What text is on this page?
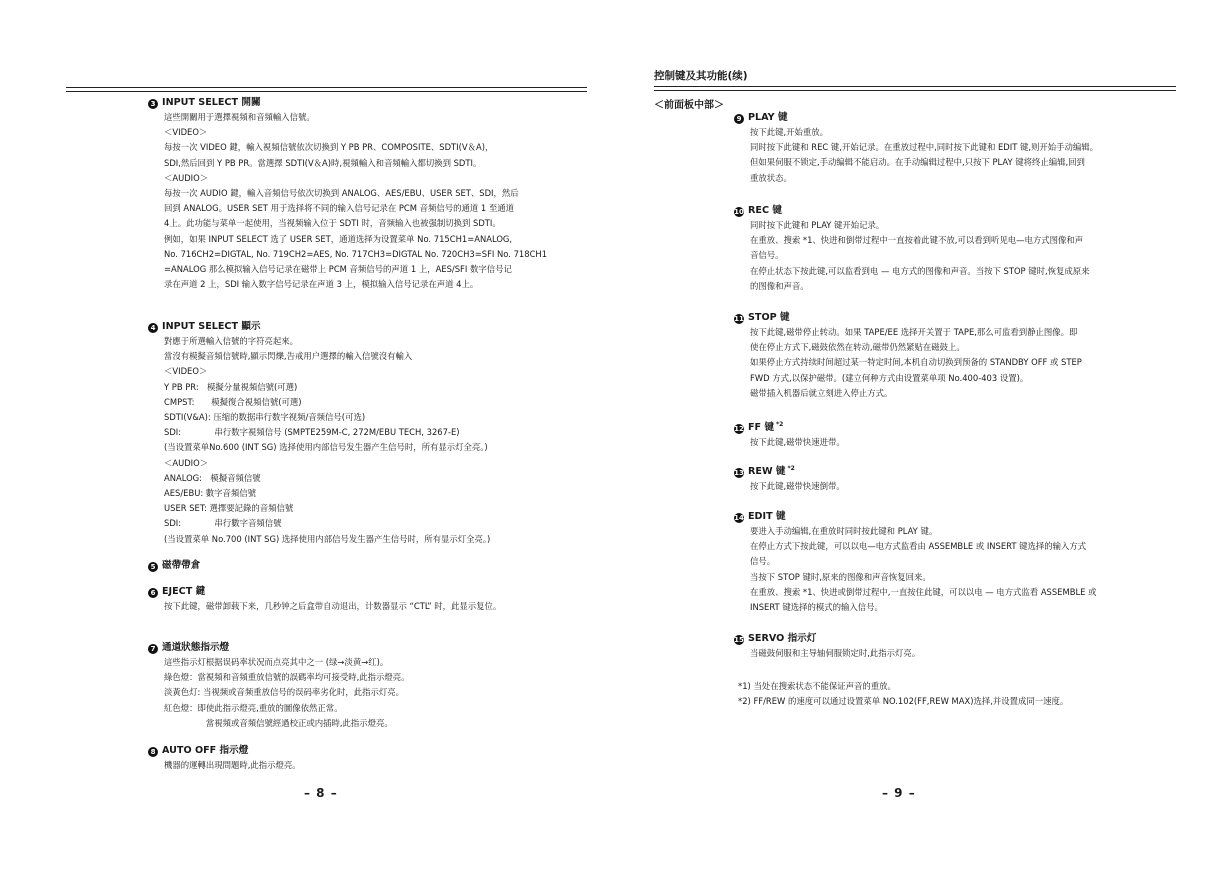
3 INPUT SELECT 開關
這些開關用于選擇視頻和音頻輸入信號。
＜VIDEO＞
每按一次 VIDEO 鍵，輸入視頻信號依次切換到 Y PB PR、COMPOSITE、SDTI(V＆A)，
SDI,然后回到 Y PB PR。當選擇 SDTI(V＆A)時,視頻輸入和音頻輸入都切換到 SDTI。
＜AUDIO＞
每按一次 AUDIO 鍵，輸入音頻信号依次切换到 ANALOG、AES/EBU、USER SET、SDI，然后
回到 ANALOG。USER SET 用于选择将不同的输入信号记录在 PCM 音频信号的通道 1 至通道
4上。此功能与菜单一起使用，当视频输入位于 SDTI 时，音频输入也被强制切换到 SDTI。
例如，如果 INPUT SELECT 选了 USER SET，通道选择为设置菜单 No. 715CH1=ANALOG,
No. 716CH2=DIGTAL, No. 719CH2=AES, No. 717CH3=DIGTAL No. 720CH3=SFI No. 718CH1
=ANALOG 那么模拟输入信号记录在磁带上 PCM 音频信号的声道 1 上，AES/SFI 数字信号记
录在声道 2 上，SDI 输入数字信号记录在声道 3 上，模拟输入信号记录在声道 4上。
4 INPUT SELECT 顯示
對應于所選輸入信號的字符亮起來。
當沒有模擬音頻信號時,顯示閃爍,告戒用户選擇的輸入信號沒有輸入
＜VIDEO＞
Y PB PR:　模擬分量視頻信號(可選)
CMPST:　　模擬復合視頻信號(可選)
SDTI(V&A): 压缩的数据串行数字视频/音频信号(可选)
SDI:　　　　串行数字視頻信号 (SMPTE259M-C, 272M/EBU TECH, 3267-E)
(当设置菜单No.600 (INT SG) 选择使用内部信号发生器产生信号时，所有显示灯全亮。)
＜AUDIO＞
ANALOG:　模擬音頻信號
AES/EBU: 數字音頻信號
USER SET: 選擇要記錄的音頻信號
SDI:　　　　串行數字音頻信號
(当设置菜单 No.700 (INT SG) 选择使用内部信号发生器产生信号时，所有显示灯全亮。)
5 磁帶帶倉
6 EJECT 鍵
按下此键，磁带卸载下来，几秒钟之后盒带自动退出，计数器显示 “CTL” 时，此显示复位。
7 通道狀態指示燈
這些指示灯根据误码率状况而点亮其中之一 (绿→淡黄→红)。
綠色燈：當視頻和音頻重放信號的誤碼率均可接受時,此指示燈亮。
淡黃色灯: 当视频或音频重放信号的误码率劣化时，此指示灯亮。
紅色燈：即使此指示燈亮,重放的圖像依然正常。
　　　　　當視頻或音頻信號經過校正或内插時,此指示燈亮。
8 AUTO OFF 指示燈
機器的運轉出現問題時,此指示燈亮。
– 8 –
控制键及其功能(续)
＜前面板中部＞
9 PLAY 键
按下此键,开始重放。
同时按下此键和 REC 键,开始记录。在重放过程中,同时按下此键和 EDIT 键,则开始手动编辑。
但如果伺服不锁定,手动编辑不能启动。在手动编辑过程中,只按下 PLAY 键将终止编辑,回到
重放状态。
10 REC 键
同时按下此键和 PLAY 键开始记录。
在重放、搜索 *1、快进和倒带过程中一直按着此键不放,可以看到听见电—电方式图像和声
音信号。
在停止状态下按此键,可以监看到电 — 电方式的图像和声音。当按下 STOP 键时,恢复成原来
的图像和声音。
11 STOP 键
按下此键,磁带停止转动。如果 TAPE/EE 选择开关置于 TAPE,那么可监看到静止图像。即
使在停止方式下,磁鼓依然在转动,磁带仍然紧贴在磁鼓上。
如果停止方式持续时间超过某一特定时间,本机自动切换到预备的 STANDBY OFF 或 STEP
FWD 方式,以保护磁带。(建立何种方式由设置菜单项 No.400-403 设置)。
磁带插入机器后就立刻进入停止方式。
12 FF 键 $^{*2}$
按下此键,磁带快速进带。
13 REW 键 $^{*2}$
按下此键,磁带快速倒带。
14 EDIT 键
要进入手动编辑,在重放时同时按此键和 PLAY 键。
在停止方式下按此键，可以以电—电方式监看由 ASSEMBLE 或 INSERT 键选择的输入方式
信号。
当按下 STOP 键时,原来的图像和声音恢复回来。
在重放、搜索 *1、快进或倒带过程中,一直按住此键，可以以电 — 电方式监看 ASSEMBLE 或
INSERT 键选择的模式的输入信号。
15 SERVO 指示灯
当磁鼓伺服和主导轴伺服锁定时,此指示灯亮。
*1) 当处在搜索状态不能保证声音的重放。
*2) FF/REW 的速度可以通过设置菜单 NO.102(FF,REW MAX)选择,并设置成同一速度。
– 9 –
